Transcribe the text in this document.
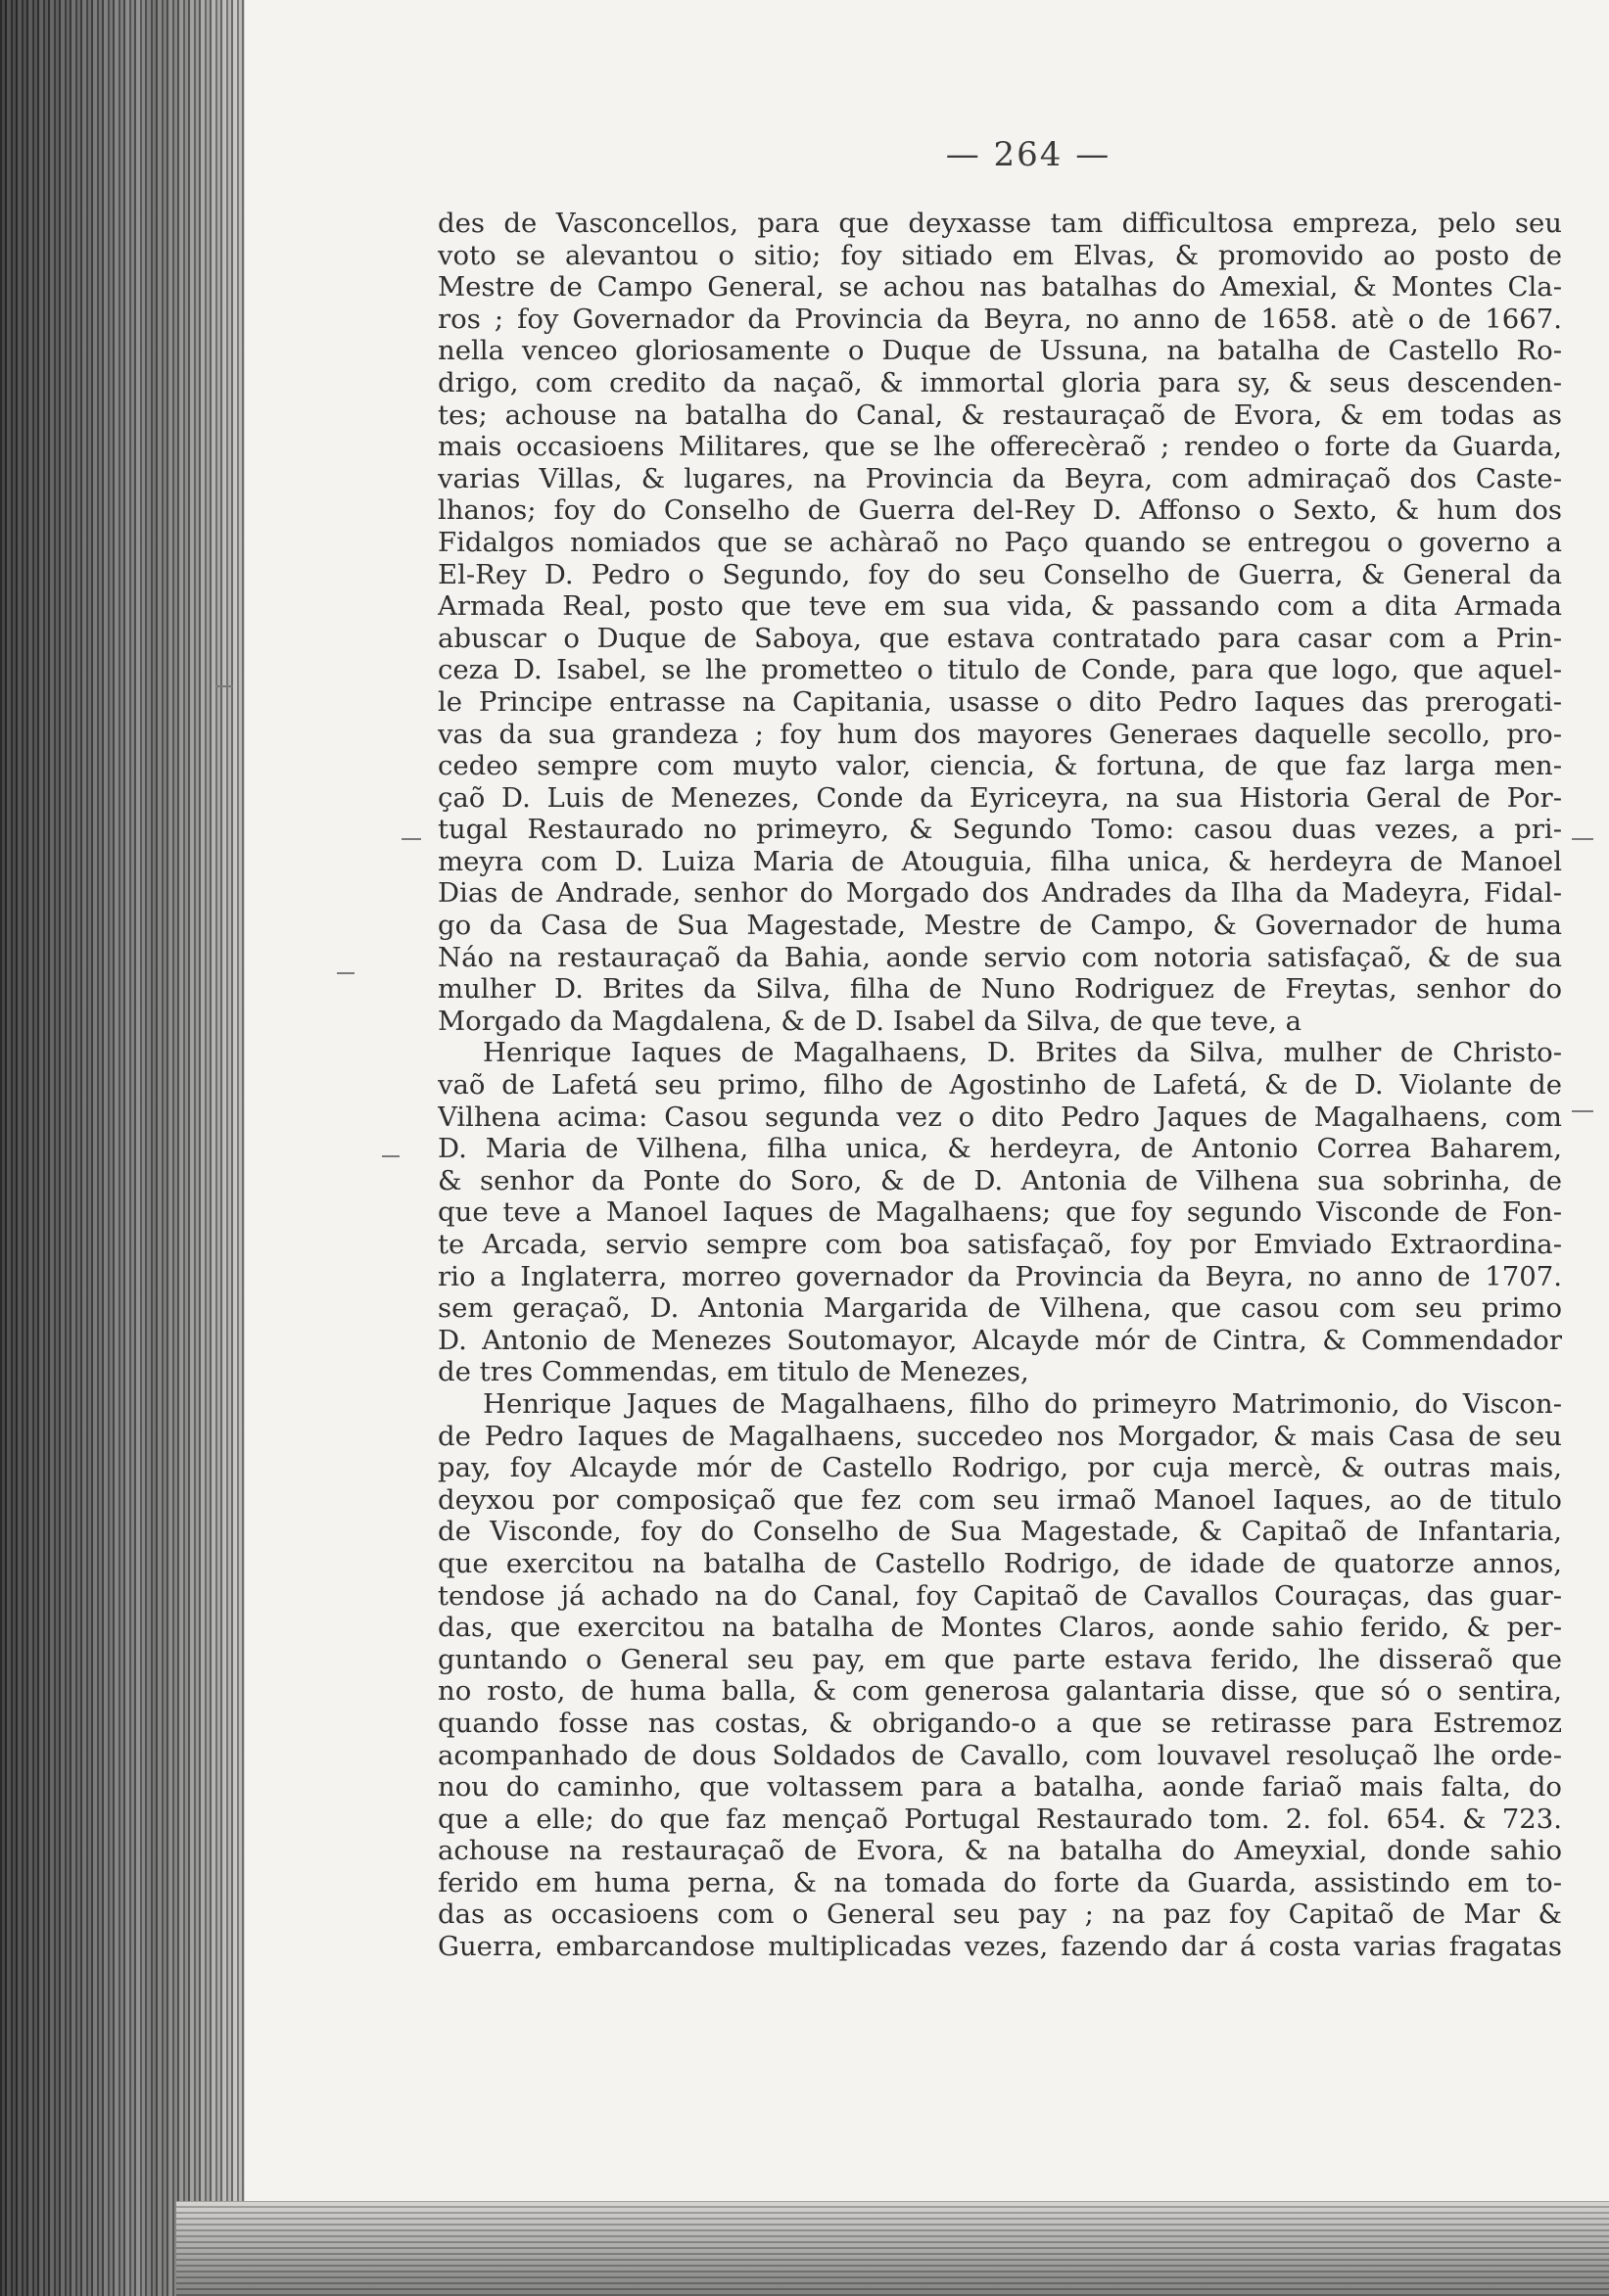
— 264 —
des de Vasconcellos, para que deyxasse tam difficultosa empreza, pelo seu
voto se alevantou o sitio; foy sitiado em Elvas, & promovido ao posto de
Mestre de Campo General, se achou nas batalhas do Amexial, & Montes Cla-
ros ; foy Governador da Provincia da Beyra, no anno de 1658. atè o de 1667.
nella venceo gloriosamente o Duque de Ussuna, na batalha de Castello Ro-
drigo, com credito da naçaõ, & immortal gloria para sy, & seus descenden-
tes; achouse na batalha do Canal, & restauraçaõ de Evora, & em todas as
mais occasioens Militares, que se lhe offerecèraõ ; rendeo o forte da Guarda,
varias Villas, & lugares, na Provincia da Beyra, com admiraçaõ dos Caste-
lhanos; foy do Conselho de Guerra del-Rey D. Affonso o Sexto, & hum dos
Fidalgos nomiados que se achàraõ no Paço quando se entregou o governo a
El-Rey D. Pedro o Segundo, foy do seu Conselho de Guerra, & General da
Armada Real, posto que teve em sua vida, & passando com a dita Armada
abuscar o Duque de Saboya, que estava contratado para casar com a Prin-
ceza D. Isabel, se lhe prometteo o titulo de Conde, para que logo, que aquel-
le Principe entrasse na Capitania, usasse o dito Pedro Iaques das prerogati-
vas da sua grandeza ; foy hum dos mayores Generaes daquelle secollo, pro-
cedeo sempre com muyto valor, ciencia, & fortuna, de que faz larga men-
çaõ D. Luis de Menezes, Conde da Eyriceyra, na sua Historia Geral de Por-
tugal Restaurado no primeyro, & Segundo Tomo: casou duas vezes, a pri-
meyra com D. Luiza Maria de Atouguia, filha unica, & herdeyra de Manoel
Dias de Andrade, senhor do Morgado dos Andrades da Ilha da Madeyra, Fidal-
go da Casa de Sua Magestade, Mestre de Campo, & Governador de huma
Náo na restauraçaõ da Bahia, aonde servio com notoria satisfaçaõ, & de sua
mulher D. Brites da Silva, filha de Nuno Rodriguez de Freytas, senhor do
Morgado da Magdalena, & de D. Isabel da Silva, de que teve, a
Henrique Iaques de Magalhaens, D. Brites da Silva, mulher de Christo-
vaõ de Lafetá seu primo, filho de Agostinho de Lafetá, & de D. Violante de
Vilhena acima: Casou segunda vez o dito Pedro Jaques de Magalhaens, com
D. Maria de Vilhena, filha unica, & herdeyra, de Antonio Correa Baharem,
& senhor da Ponte do Soro, & de D. Antonia de Vilhena sua sobrinha, de
que teve a Manoel Iaques de Magalhaens; que foy segundo Visconde de Fon-
te Arcada, servio sempre com boa satisfaçaõ, foy por Emviado Extraordina-
rio a Inglaterra, morreo governador da Provincia da Beyra, no anno de 1707.
sem geraçaõ, D. Antonia Margarida de Vilhena, que casou com seu primo
D. Antonio de Menezes Soutomayor, Alcayde mór de Cintra, & Commendador
de tres Commendas, em titulo de Menezes,
Henrique Jaques de Magalhaens, filho do primeyro Matrimonio, do Viscon-
de Pedro Iaques de Magalhaens, succedeo nos Morgador, & mais Casa de seu
pay, foy Alcayde mór de Castello Rodrigo, por cuja mercè, & outras mais,
deyxou por composiçaõ que fez com seu irmaõ Manoel Iaques, ao de titulo
de Visconde, foy do Conselho de Sua Magestade, & Capitaõ de Infantaria,
que exercitou na batalha de Castello Rodrigo, de idade de quatorze annos,
tendose já achado na do Canal, foy Capitaõ de Cavallos Couraças, das guar-
das, que exercitou na batalha de Montes Claros, aonde sahio ferido, & per-
guntando o General seu pay, em que parte estava ferido, lhe disseraõ que
no rosto, de huma balla, & com generosa galantaria disse, que só o sentira,
quando fosse nas costas, & obrigando-o a que se retirasse para Estremoz
acompanhado de dous Soldados de Cavallo, com louvavel resoluçaõ lhe orde-
nou do caminho, que voltassem para a batalha, aonde fariaõ mais falta, do
que a elle; do que faz mençaõ Portugal Restaurado tom. 2. fol. 654. & 723.
achouse na restauraçaõ de Evora, & na batalha do Ameyxial, donde sahio
ferido em huma perna, & na tomada do forte da Guarda, assistindo em to-
das as occasioens com o General seu pay ; na paz foy Capitaõ de Mar &
Guerra, embarcandose multiplicadas vezes, fazendo dar á costa varias fragatas
